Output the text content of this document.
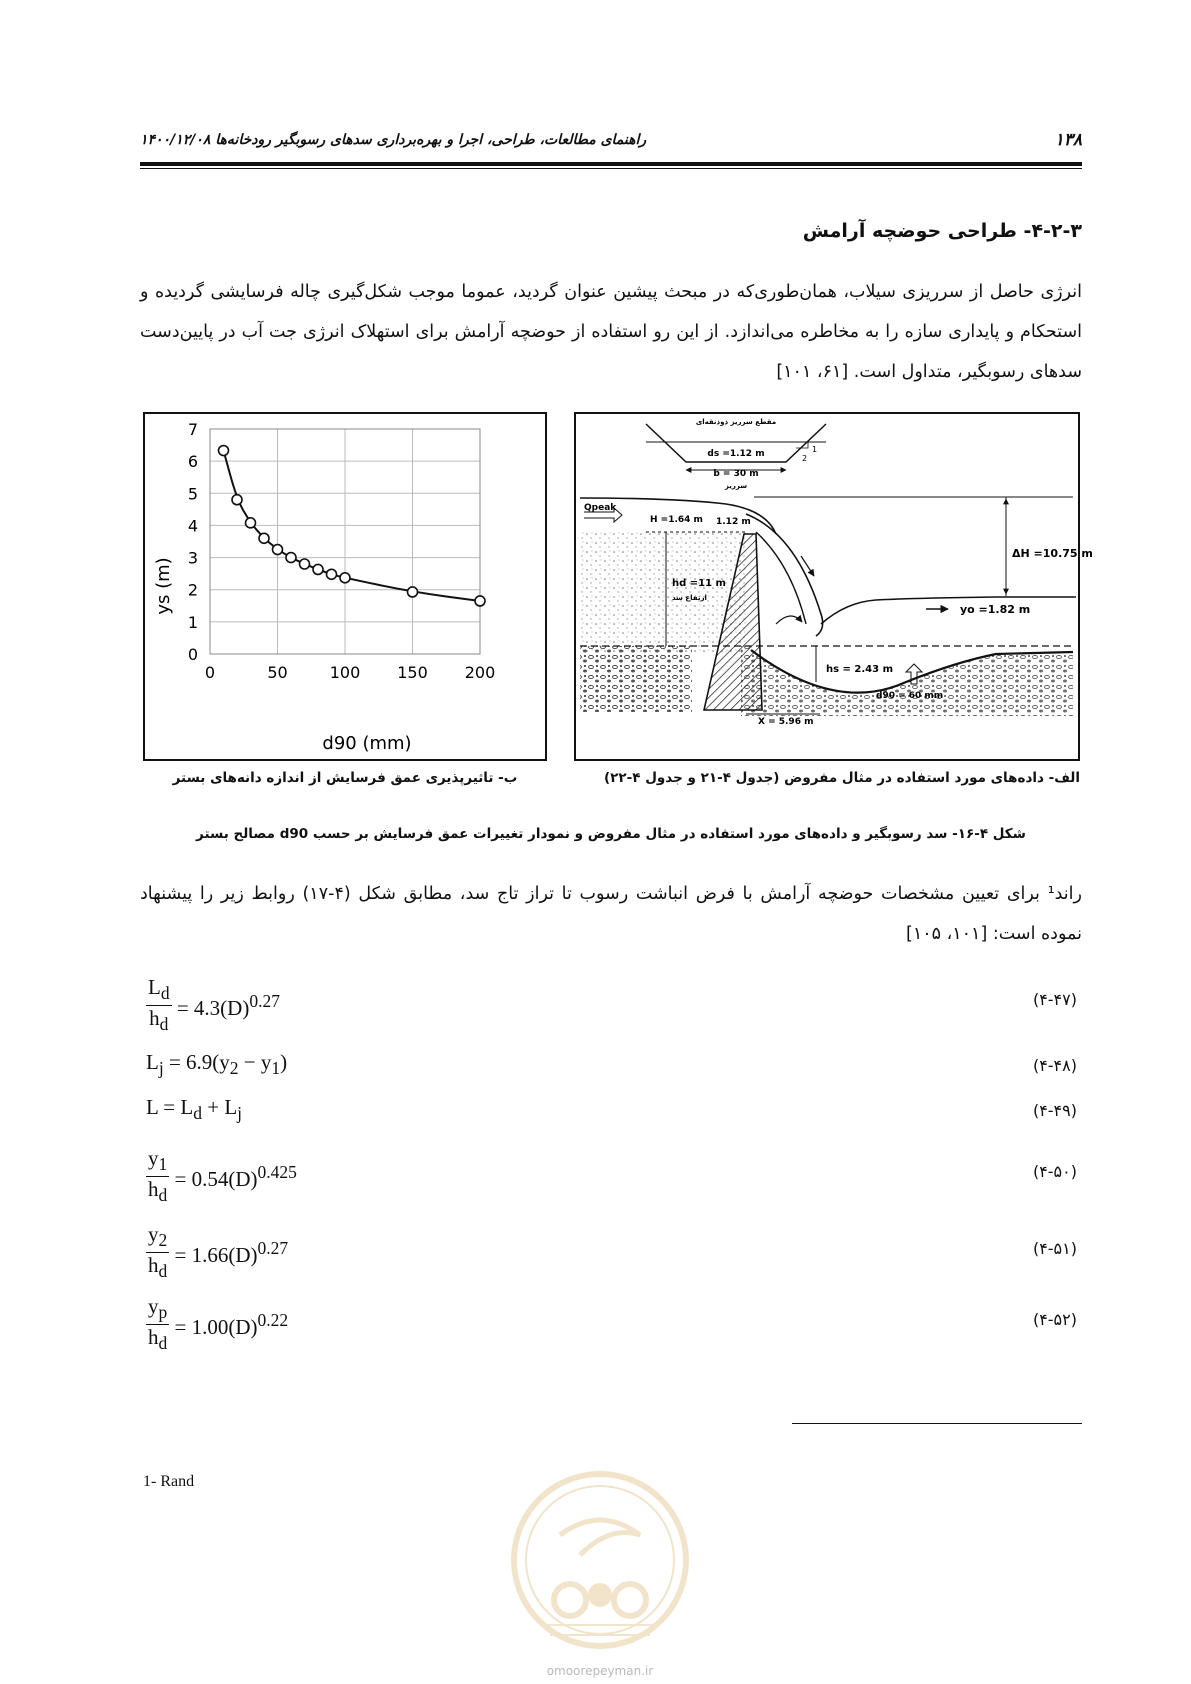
۱۳۸
راهنمای مطالعات، طراحی، اجرا و بهره‌برداری سدهای رسوبگیر رودخانه‌ها ۱۴۰۰/۱۲/۰۸
۴-۲-۳- طراحی حوضچه آرامش
انرژی حاصل از سرریزی سیلاب، همان‌طوری‌که در مبحث پیشین عنوان گردید، عموما موجب شکل‌گیری چاله فرسایشی گردیده و استحکام و پایداری سازه را به مخاطره می‌اندازد. از این رو استفاده از حوضچه آرامش برای استهلاک انرژی جت آب در پایین‌دست سدهای رسوبگیر، متداول است. [۶۱، ۱۰۱]
0
1
2
3
4
5
6
7
0	50	100 150 200
d90 (mm)
ys (m)
مقطع سرریز ذوذنقه‌ای
ds =1.12 m
b = 30 m
1
2
سرریز
Qpeak
H =1.64 m 1.12 m
ΔH =10.75 m
hd =11 m
ارتفاع سد
yo =1.82 m
hs = 2.43 m
X = 5.96 m
d90 = 60 mm
ب- تاثیرپذیری عمق فرسایش از اندازه دانه‌های بستر	الف- داده‌های مورد استفاده در مثال مفروض (جدول ۴-۲۱ و جدول ۴-۲۲)
شکل ۴-۱۶- سد رسوبگیر و داده‌های مورد استفاده در مثال مفروض و نمودار تغییرات عمق فرسایش بر حسب d90 مصالح بستر
راند¹ برای تعیین مشخصات حوضچه آرامش با فرض انباشت رسوب تا تراز تاج سد، مطابق شکل (۴-۱۷) روابط زیر را پیشنهاد نموده است: [۱۰۱، ۱۰۵]
$\frac{L_d}{h_d} = 4.3(D)^{0.27}$	(۴-۴۷)
$L_j = 6.9(y_2 - y_1)$	(۴-۴۸)
$L = L_d + L_j$	(۴-۴۹)
$\frac{y_1}{h_d} = 0.54(D)^{0.425}$	(۴-۵۰)
$\frac{y_2}{h_d} = 1.66(D)^{0.27}$	(۴-۵۱)
$\frac{y_p}{h_d} = 1.00(D)^{0.22}$	(۴-۵۲)
1- Rand
omoorepeyman.ir
